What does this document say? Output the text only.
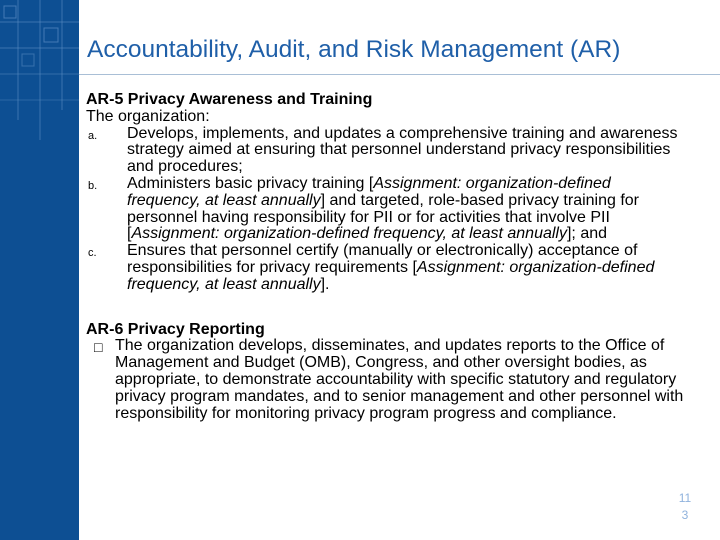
Accountability, Audit, and Risk Management (AR)
AR-5 Privacy Awareness and Training
The organization:
a. Develops, implements, and updates a comprehensive training and awareness strategy aimed at ensuring that personnel understand privacy responsibilities and procedures;
b. Administers basic privacy training [Assignment: organization-defined frequency, at least annually] and targeted, role-based privacy training for personnel having responsibility for PII or for activities that involve PII [Assignment: organization-defined frequency, at least annually]; and
c. Ensures that personnel certify (manually or electronically) acceptance of responsibilities for privacy requirements [Assignment: organization-defined frequency, at least annually].
AR-6 Privacy Reporting
□ The organization develops, disseminates, and updates reports to the Office of Management and Budget (OMB), Congress, and other oversight bodies, as appropriate, to demonstrate accountability with specific statutory and regulatory privacy program mandates, and to senior management and other personnel with responsibility for monitoring privacy program progress and compliance.
11
3
